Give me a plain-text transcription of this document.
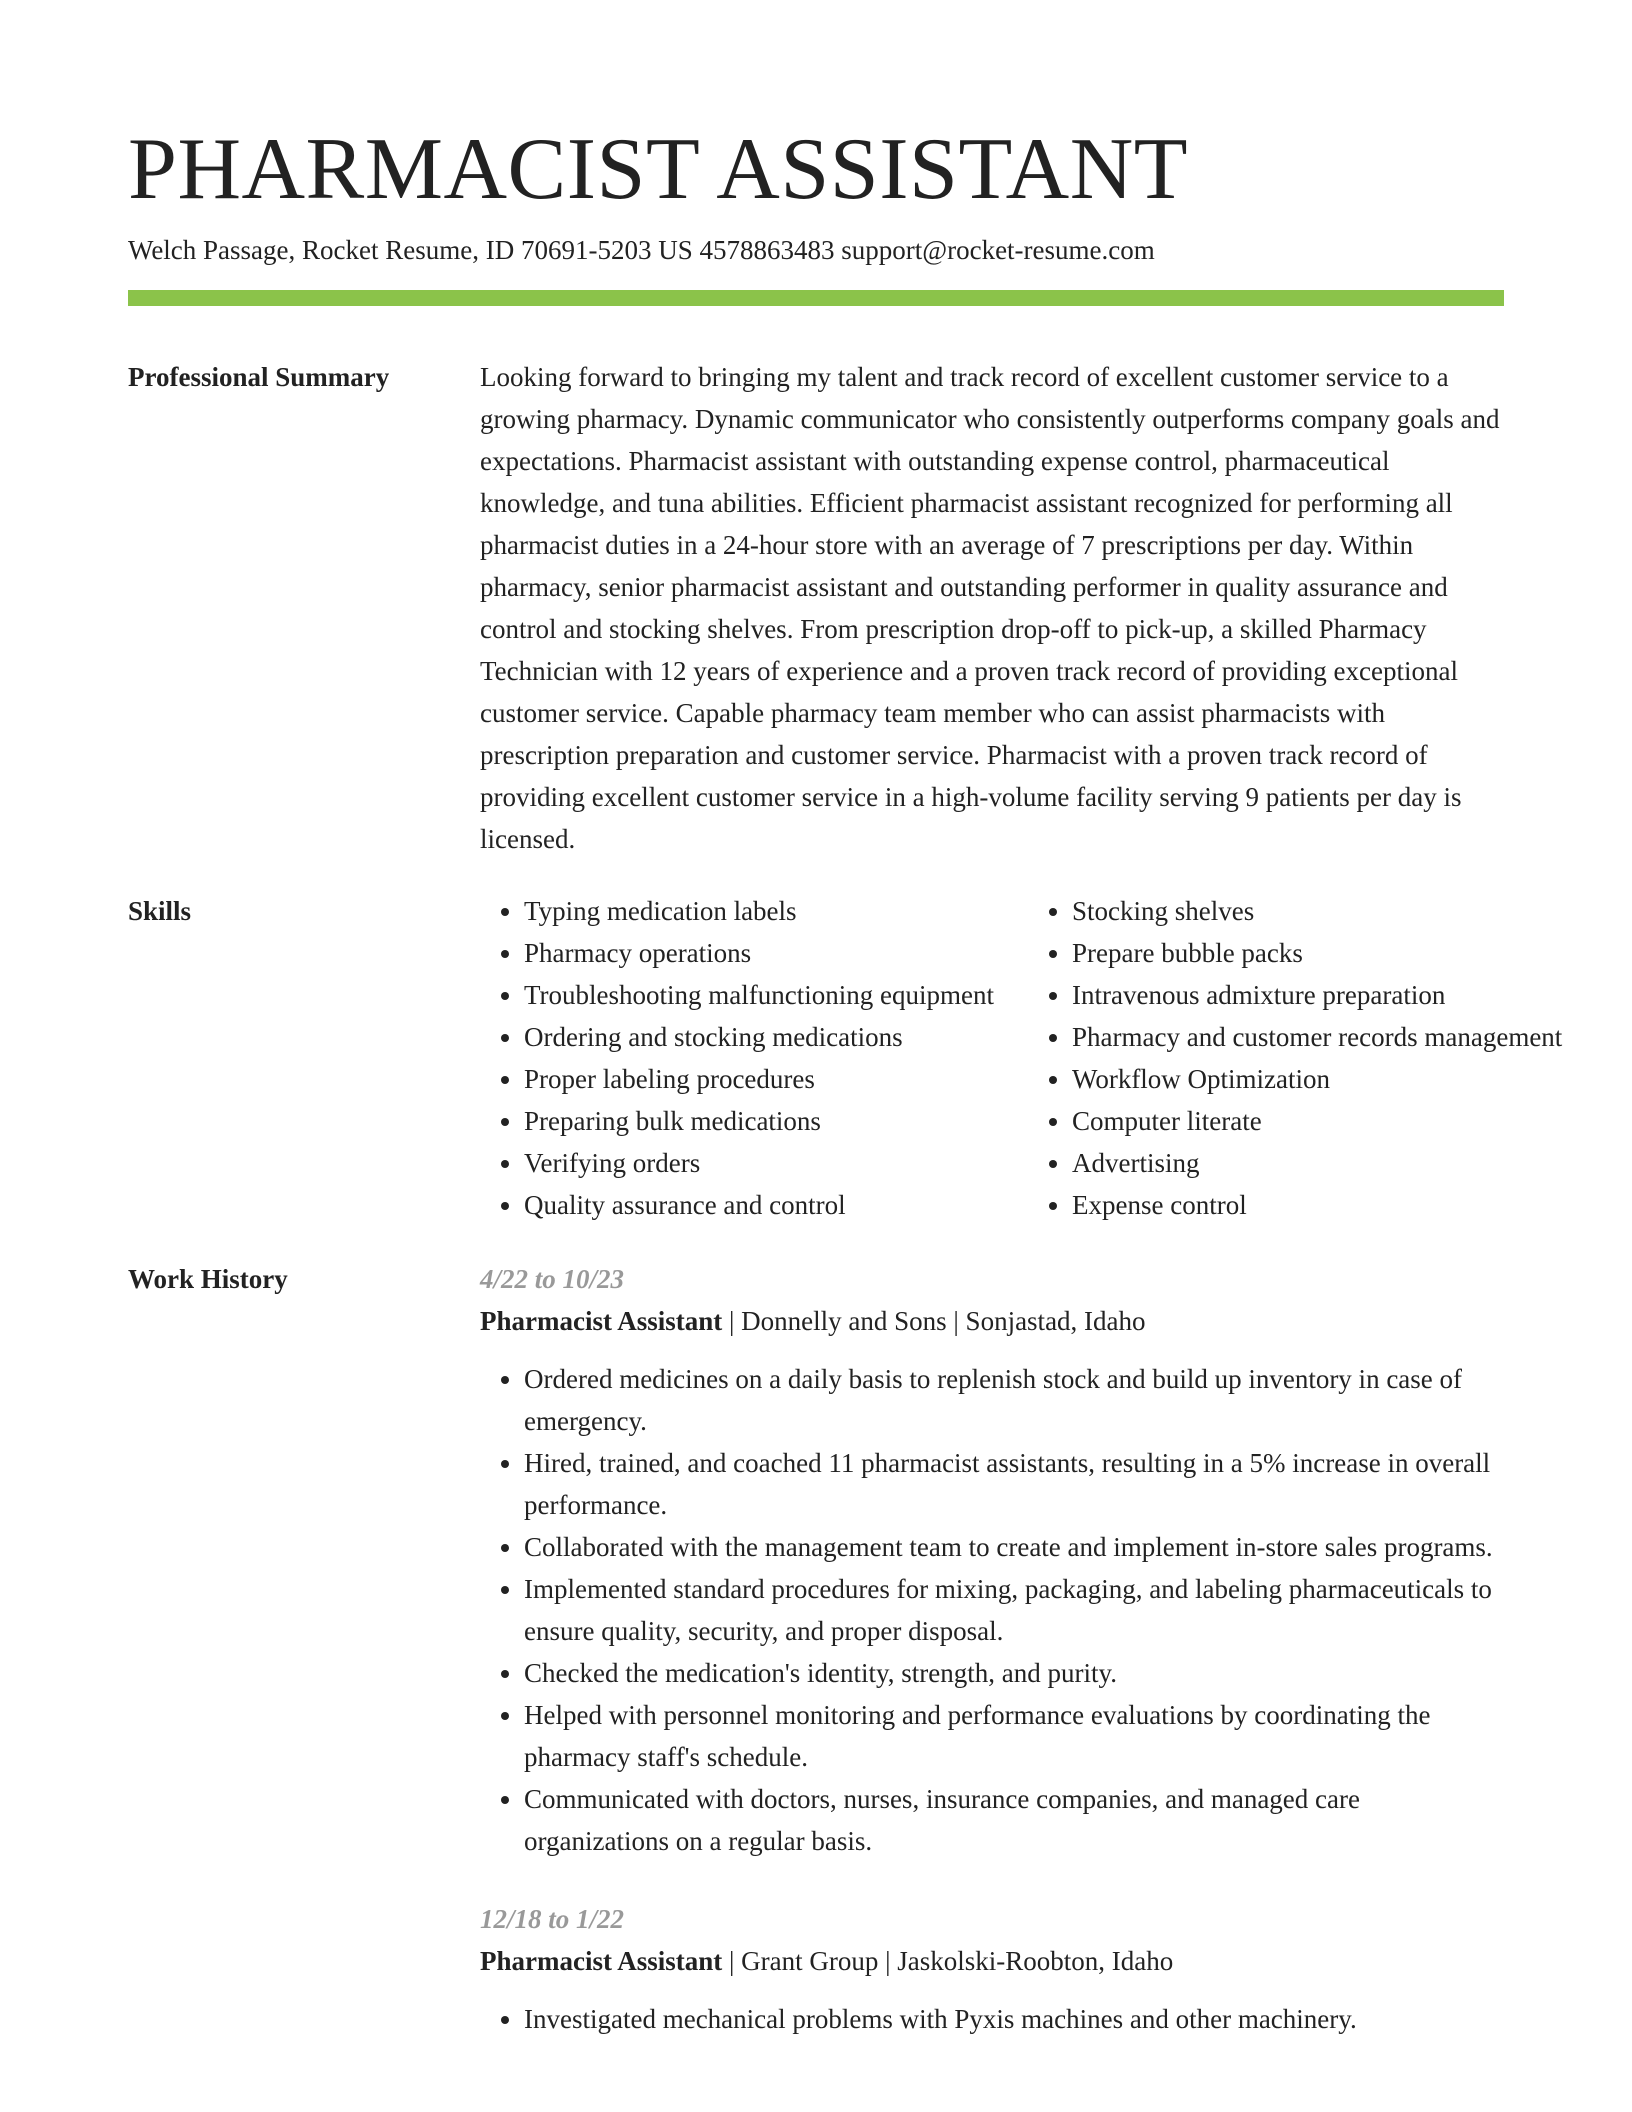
PHARMACIST ASSISTANT
Welch Passage, Rocket Resume, ID 70691-5203 US 4578863483 support@rocket-resume.com
Professional Summary	Looking forward to bringing my talent and track record of excellent customer service to a growing pharmacy. Dynamic communicator who consistently outperforms company goals and expectations. Pharmacist assistant with outstanding expense control, pharmaceutical knowledge, and tuna abilities. Efficient pharmacist assistant recognized for performing all pharmacist duties in a 24-hour store with an average of 7 prescriptions per day. Within pharmacy, senior pharmacist assistant and outstanding performer in quality assurance and control and stocking shelves. From prescription drop-off to pick-up, a skilled Pharmacy Technician with 12 years of experience and a proven track record of providing exceptional customer service. Capable pharmacy team member who can assist pharmacists with prescription preparation and customer service. Pharmacist with a proven track record of providing excellent customer service in a high-volume facility serving 9 patients per day is licensed.
Skills
•	Typing medication labels
• Pharmacy operations
• Troubleshooting malfunctioning equipment
• Ordering and stocking medications
• Proper labeling procedures
• Preparing bulk medications
• Verifying orders
• Quality assurance and control
• Stocking shelves
• Prepare bubble packs
• Intravenous admixture preparation
• Pharmacy and customer records management
• Workflow Optimization
• Computer literate
• Advertising
• Expense control
Work History	4/22 to 10/23
Pharmacist Assistant | Donnelly and Sons | Sonjastad, Idaho
• Ordered medicines on a daily basis to replenish stock and build up inventory in case of emergency.
• Hired, trained, and coached 11 pharmacist assistants, resulting in a 5% increase in overall performance.
• Collaborated with the management team to create and implement in-store sales programs.
• Implemented standard procedures for mixing, packaging, and labeling pharmaceuticals to ensure quality, security, and proper disposal.
• Checked the medication's identity, strength, and purity.
• Helped with personnel monitoring and performance evaluations by coordinating the pharmacy staff's schedule.
• Communicated with doctors, nurses, insurance companies, and managed care organizations on a regular basis.
12/18 to 1/22
Pharmacist Assistant | Grant Group | Jaskolski-Roobton, Idaho
• Investigated mechanical problems with Pyxis machines and other machinery.
